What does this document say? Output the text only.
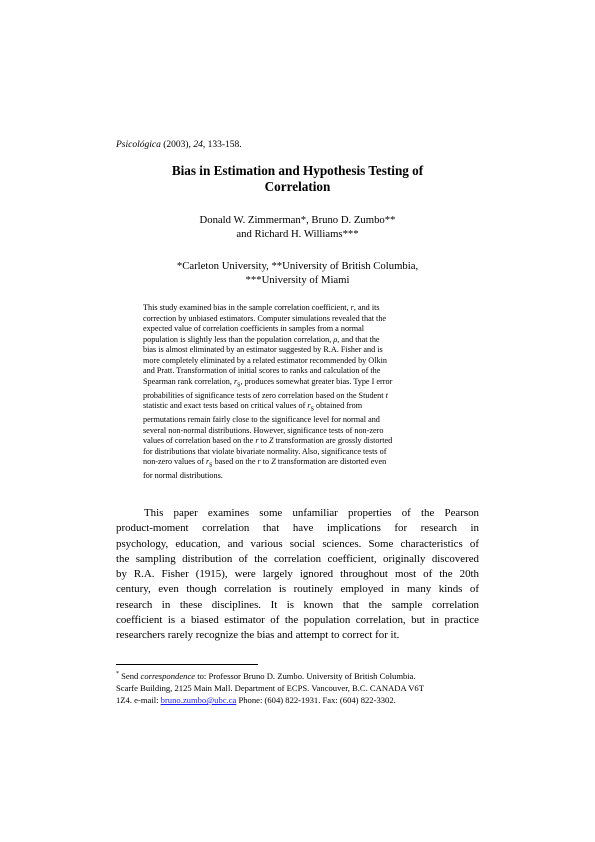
Psicológica (2003), 24, 133-158.
Bias in Estimation and Hypothesis Testing of
Correlation
Donald W. Zimmerman*, Bruno D. Zumbo**
and Richard H. Williams***
*Carleton University, **University of British Columbia,
***University of Miami
This study examined bias in the sample correlation coefficient, r, and its
correction by unbiased estimators. Computer simulations revealed that the
expected value of correlation coefficients in samples from a normal
population is slightly less than the population correlation, ρ, and that the
bias is almost eliminated by an estimator suggested by R.A. Fisher and is
more completely eliminated by a related estimator recommended by Olkin
and Pratt. Transformation of initial scores to ranks and calculation of the
Spearman rank correlation, $r_S$, produces somewhat greater bias. Type I error
probabilities of significance tests of zero correlation based on the Student t
statistic and exact tests based on critical values of $r_S$ obtained from
permutations remain fairly close to the significance level for normal and
several non-normal distributions. However, significance tests of non-zero
values of correlation based on the r to Z transformation are grossly distorted
for distributions that violate bivariate normality. Also, significance tests of
non-zero values of $r_S$ based on the r to Z transformation are distorted even
for normal distributions.
This paper examines some unfamiliar properties of the Pearson
product-moment correlation that have implications for research in
psychology, education, and various social sciences. Some characteristics of
the sampling distribution of the correlation coefficient, originally discovered
by R.A. Fisher (1915), were largely ignored throughout most of the 20th
century, even though correlation is routinely employed in many kinds of
research in these disciplines. It is known that the sample correlation
coefficient is a biased estimator of the population correlation, but in practice
researchers rarely recognize the bias and attempt to correct for it.
* Send correspondence to: Professor Bruno D. Zumbo. University of British Columbia.
Scarfe Building, 2125 Main Mall. Department of ECPS. Vancouver, B.C. CANADA V6T
1Z4. e-mail: bruno.zumbo@ubc.ca Phone: (604) 822-1931. Fax: (604) 822-3302.
